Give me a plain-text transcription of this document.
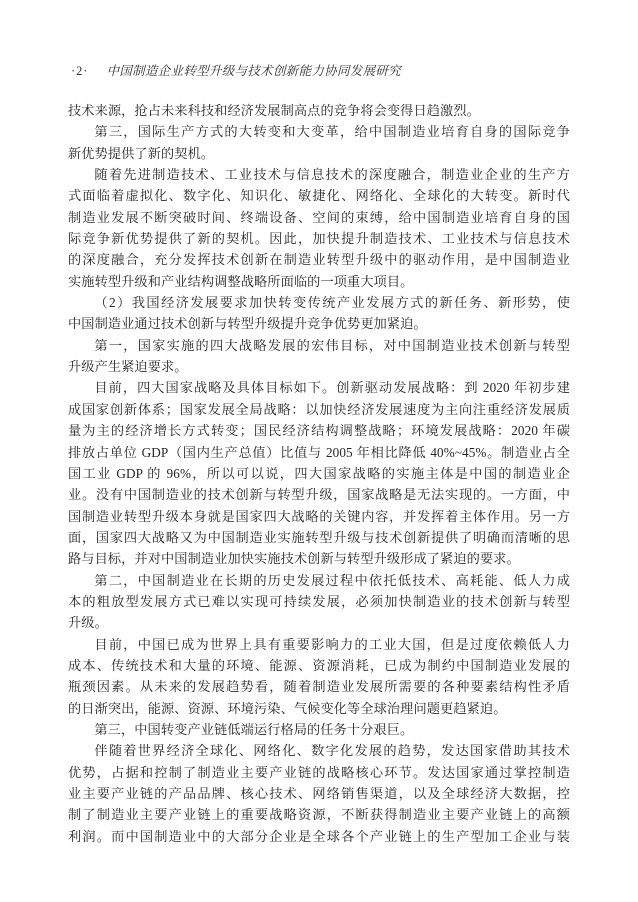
·2· 中国制造企业转型升级与技术创新能力协同发展研究
技术来源，抢占未来科技和经济发展制高点的竞争将会变得日趋激烈。
第三，国际生产方式的大转变和大变革，给中国制造业培育自身的国际竞争
新优势提供了新的契机。
随着先进制造技术、工业技术与信息技术的深度融合，制造业企业的生产方
式面临着虚拟化、数字化、知识化、敏捷化、网络化、全球化的大转变。新时代
制造业发展不断突破时间、终端设备、空间的束缚，给中国制造业培育自身的国
际竞争新优势提供了新的契机。因此，加快提升制造技术、工业技术与信息技术
的深度融合，充分发挥技术创新在制造业转型升级中的驱动作用，是中国制造业
实施转型升级和产业结构调整战略所面临的一项重大项目。
（2）我国经济发展要求加快转变传统产业发展方式的新任务、新形势，使
中国制造业通过技术创新与转型升级提升竞争优势更加紧迫。
第一，国家实施的四大战略发展的宏伟目标，对中国制造业技术创新与转型
升级产生紧迫要求。
目前，四大国家战略及具体目标如下。创新驱动发展战略：到 2020 年初步建
成国家创新体系；国家发展全局战略：以加快经济发展速度为主向注重经济发展质
量为主的经济增长方式转变；国民经济结构调整战略；环境发展战略：2020 年碳
排放占单位 GDP（国内生产总值）比值与 2005 年相比降低 40%~45%。制造业占全
国工业 GDP 的 96%，所以可以说，四大国家战略的实施主体是中国的制造业企
业。没有中国制造业的技术创新与转型升级，国家战略是无法实现的。一方面，中
国制造业转型升级本身就是国家四大战略的关键内容，并发挥着主体作用。另一方
面，国家四大战略又为中国制造业实施转型升级与技术创新提供了明确而清晰的思
路与目标，并对中国制造业加快实施技术创新与转型升级形成了紧迫的要求。
第二，中国制造业在长期的历史发展过程中依托低技术、高耗能、低人力成
本的粗放型发展方式已难以实现可持续发展，必须加快制造业的技术创新与转型
升级。
目前，中国已成为世界上具有重要影响力的工业大国，但是过度依赖低人力
成本、传统技术和大量的环境、能源、资源消耗，已成为制约中国制造业发展的
瓶颈因素。从未来的发展趋势看，随着制造业发展所需要的各种要素结构性矛盾
的日渐突出，能源、资源、环境污染、气候变化等全球治理问题更趋紧迫。
第三，中国转变产业链低端运行格局的任务十分艰巨。
伴随着世界经济全球化、网络化、数字化发展的趋势，发达国家借助其技术
优势，占据和控制了制造业主要产业链的战略核心环节。发达国家通过掌控制造
业主要产业链的产品品牌、核心技术、网络销售渠道，以及全球经济大数据，控
制了制造业主要产业链上的重要战略资源，不断获得制造业主要产业链上的高额
利润。而中国制造业中的大部分企业是全球各个产业链上的生产型加工企业与装
